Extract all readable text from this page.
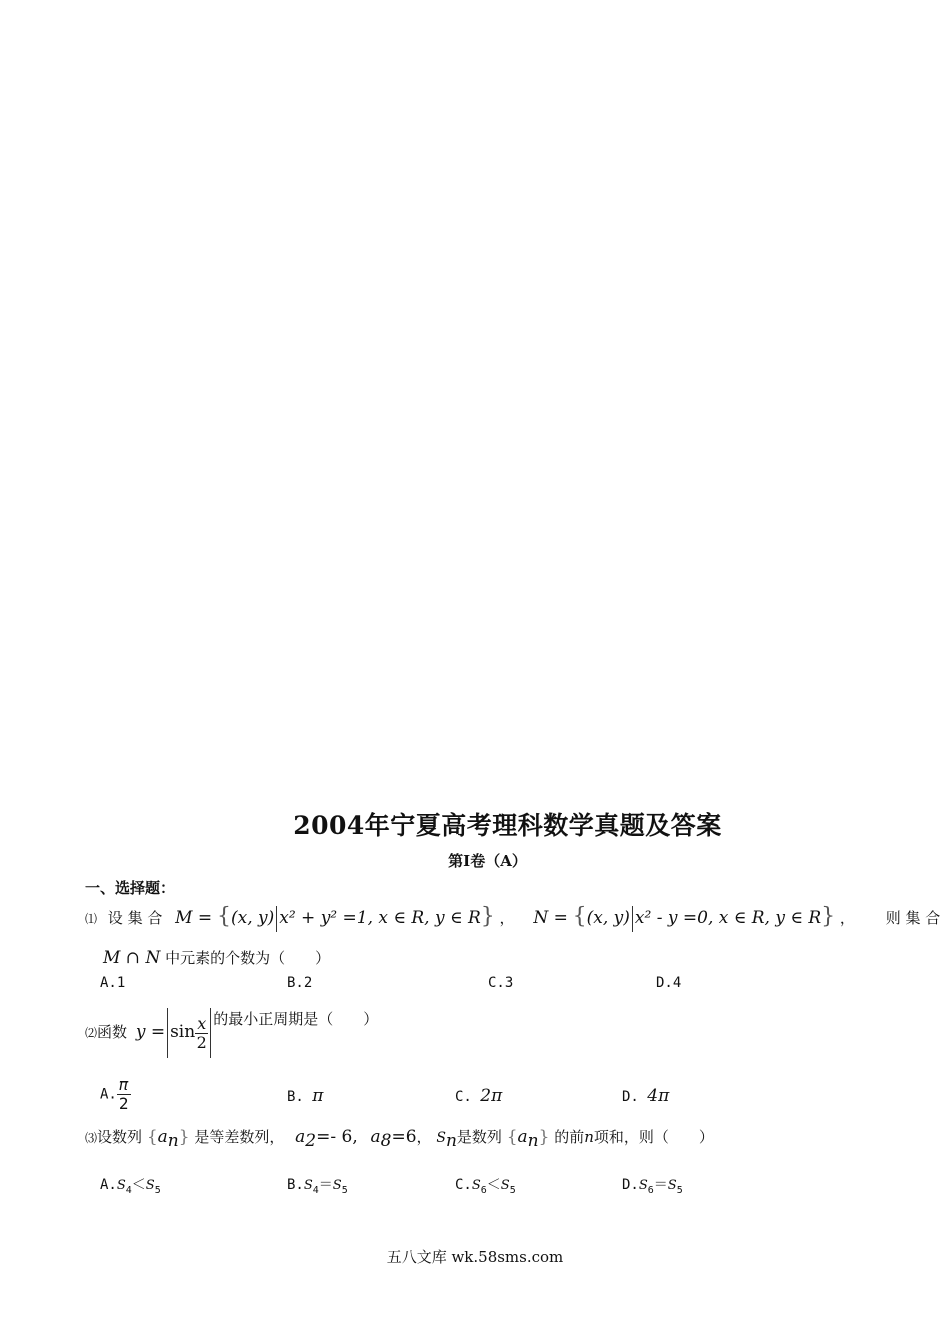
2004年宁夏高考理科数学真题及答案
第I卷（A）
一、选择题：
⑴ 设 集 合 M = {(x, y) x² + y² =1, x ∈ R, y ∈ R} ， N = {(x, y) x² - y =0, x ∈ R, y ∈ R} ， 则 集 合
M ∩ N 中元素的个数为（　　）
A.1	B.2	C.3	D.4
⑵函数 $y = \sin \frac{x}{2}$ 的最小正周期是（　　）
A. $\frac{\pi}{2}$	B. π	C. 2π	D. 4π
⑶设数列 $\{a_n\}$ 是等差数列， $a_2=-$ 6, $a_8=6$， $S_n$是数列 $\{a_n\}$ 的前n项和，则（　　）
$A.S_4<S_5$	$B.S_4=S_5$	$C.S_6<S_5$	$D.S_6=S_5$
五八文库 wk.58sms.com
